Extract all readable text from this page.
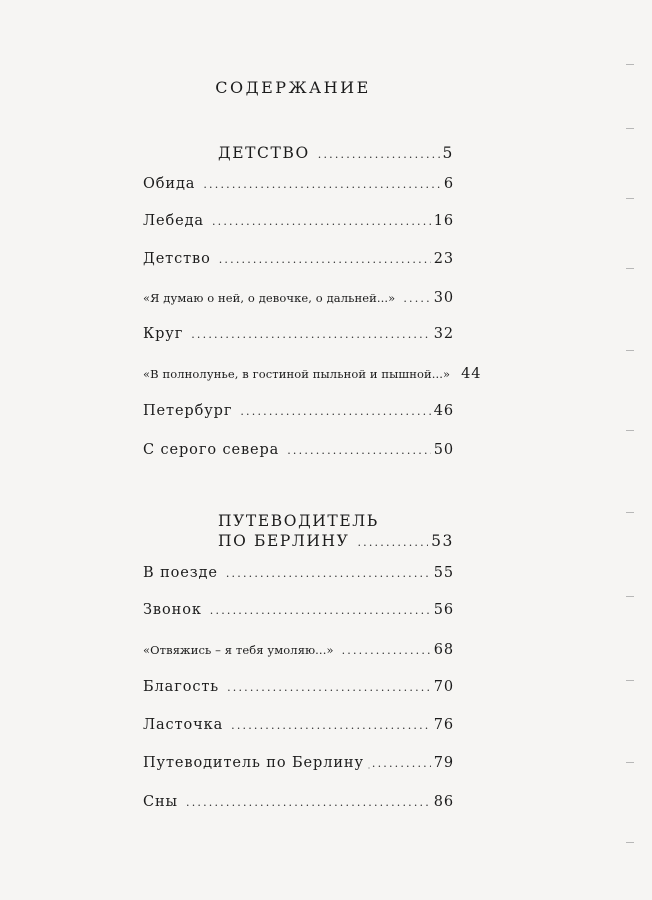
СОДЕРЖАНИЕ
ДЕТСТВО .....	5
Обида .....	6
Лебеда .....	16
Детство .....	23
«Я думаю о ней, о девочке, о дальней...» .....	30
Круг .....	32
«В полнолунье, в гостиной пыльной и пышной...» 44
Петербург .....	46
С серого севера .....	50
ПУТЕВОДИТЕЛЬ
ПО БЕРЛИНУ .....	53
В поезде .....	55
Звонок .....	56
«Отвяжись – я тебя умоляю...» .....	68
Благость .....	70
Ласточка .....	76
Путеводитель по Берлину .....	79
Сны .....	86
